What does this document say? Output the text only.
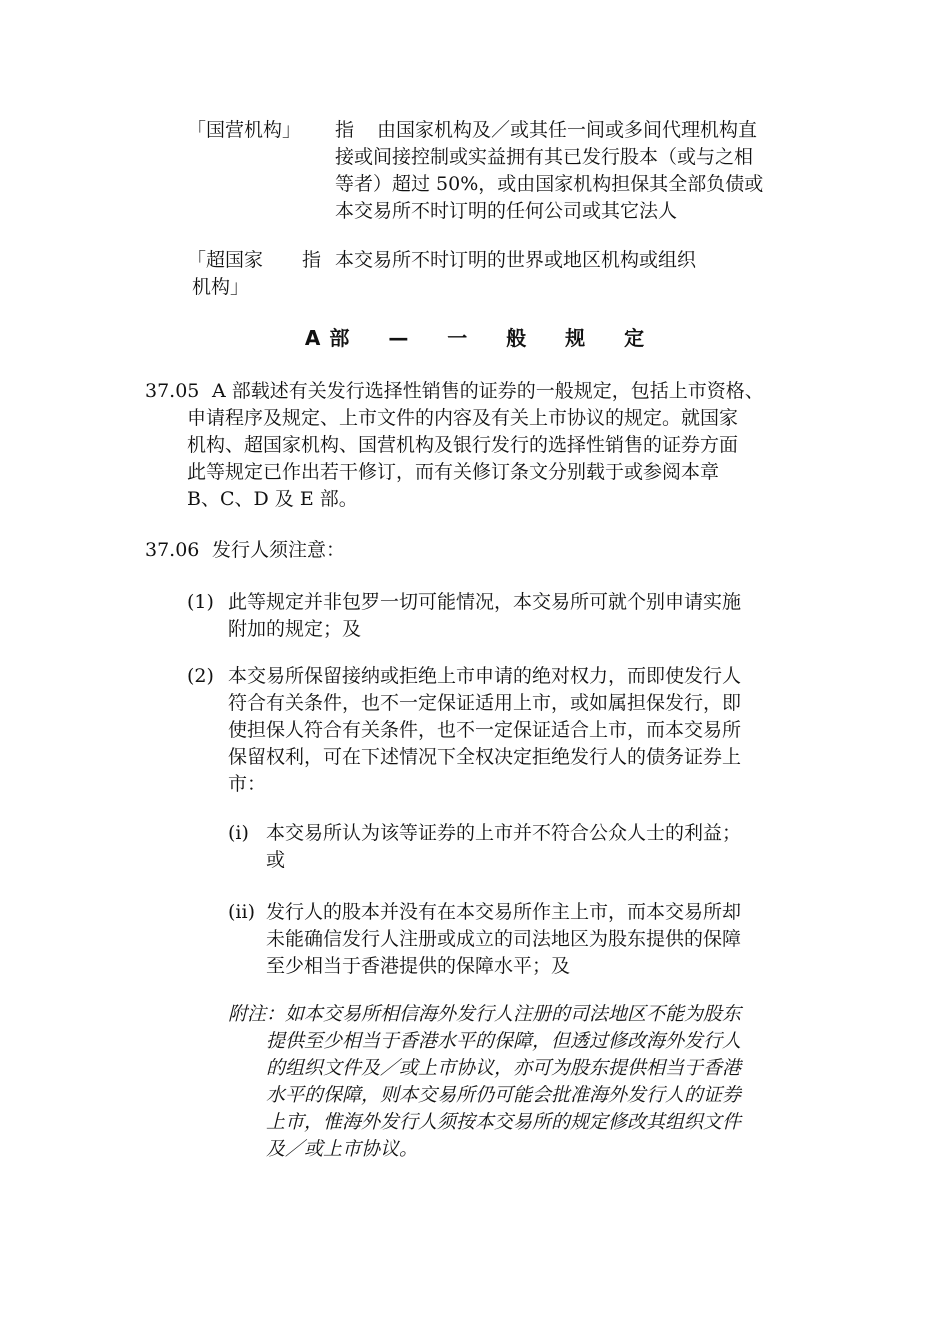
「国营机构」 指 由国家机构及／或其任一间或多间代理机构直
接或间接控制或实益拥有其已发行股本（或与之相
等者）超过 50%，或由国家机构担保其全部负债或
本交易所不时订明的任何公司或其它法人
「超国家
机构」
指 本交易所不时订明的世界或地区机构或组织
A 部 — 一 般 规 定
37.05 A 部载述有关发行选择性销售的证券的一般规定，包括上市资格、
申请程序及规定、上市文件的内容及有关上市协议的规定。就国家
机构、超国家机构、国营机构及银行发行的选择性销售的证券方面
此等规定已作出若干修订，而有关修订条文分别载于或参阅本章
B、C、D 及 E 部。
37.06 发行人须注意：
(1) 此等规定并非包罗一切可能情况，本交易所可就个别申请实施
附加的规定；及
(2) 本交易所保留接纳或拒绝上市申请的绝对权力，而即使发行人
符合有关条件，也不一定保证适用上市，或如属担保发行，即
使担保人符合有关条件，也不一定保证适合上市，而本交易所
保留权利，可在下述情况下全权决定拒绝发行人的债务证券上
市：
(i) 本交易所认为该等证券的上市并不符合公众人士的利益；
或
(ii) 发行人的股本并没有在本交易所作主上市，而本交易所却
未能确信发行人注册或成立的司法地区为股东提供的保障
至少相当于香港提供的保障水平；及
附注：如本交易所相信海外发行人注册的司法地区不能为股东
提供至少相当于香港水平的保障，但透过修改海外发行人
的组织文件及／或上市协议，亦可为股东提供相当于香港
水平的保障，则本交易所仍可能会批准海外发行人的证券
上市，惟海外发行人须按本交易所的规定修改其组织文件
及／或上市协议。
